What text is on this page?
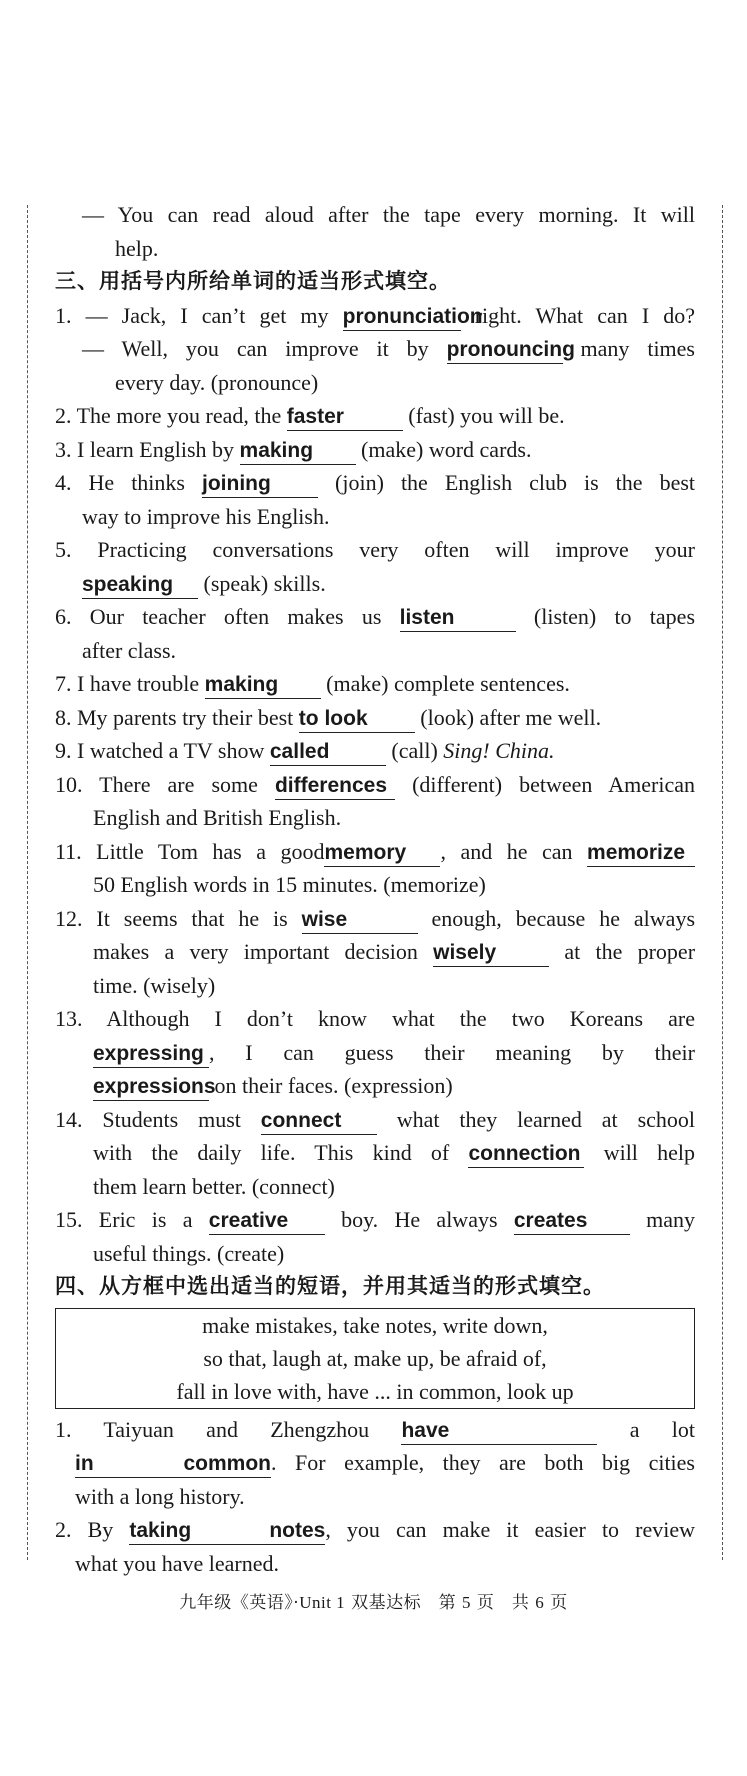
— You can read aloud after the tape every morning. It will
help.
三、用括号内所给单词的适当形式填空。
1. — Jack, I can’t get my pronunciation right. What can I do?
— Well, you can improve it by pronouncing many times
every day. (pronounce)
2. The more you read, the faster	(fast) you will be.
3. I learn English by making (make) word cards.
4. He thinks joining	(join) the English club is the best
way to improve his English.
5. Practicing conversations very often will improve your
speaking (speak) skills.
6. Our teacher often makes us listen	(listen) to tapes
after class.
7. I have trouble making (make) complete sentences.
8. My parents try their best to look (look) after me well.
9. I watched a TV show called	(call) Sing! China.
10. There are some differences (different) between American
English and British English.
11. Little Tom has a goodmemory , and he can memorize
50 English words in 15 minutes. (memorize)
12. It seems that he is wise	enough, because he always
makes a very important decision wisely	at the proper
time. (wisely)
13. Although I don’t know what the two Koreans are
expressing , I can guess their meaning by their
expressions on their faces. (expression)
14. Students must connect	what they learned at school
with the daily life. This kind of connection will help
them learn better. (connect)
15. Eric is a creative boy. He always creates	many
useful things. (create)
四、从方框中选出适当的短语，并用其适当的形式填空。
make mistakes, take notes, write down,
so that, laugh at, make up, be afraid of,
fall in love with, have ... in common, look up
1. Taiyuan and Zhengzhou have	a lot
in common. For example, they are both big cities
with a long history.
2. By taking notes, you can make it easier to review
what you have learned.
九年级《英语》·Unit 1 双基达标　第 5 页　共 6 页
